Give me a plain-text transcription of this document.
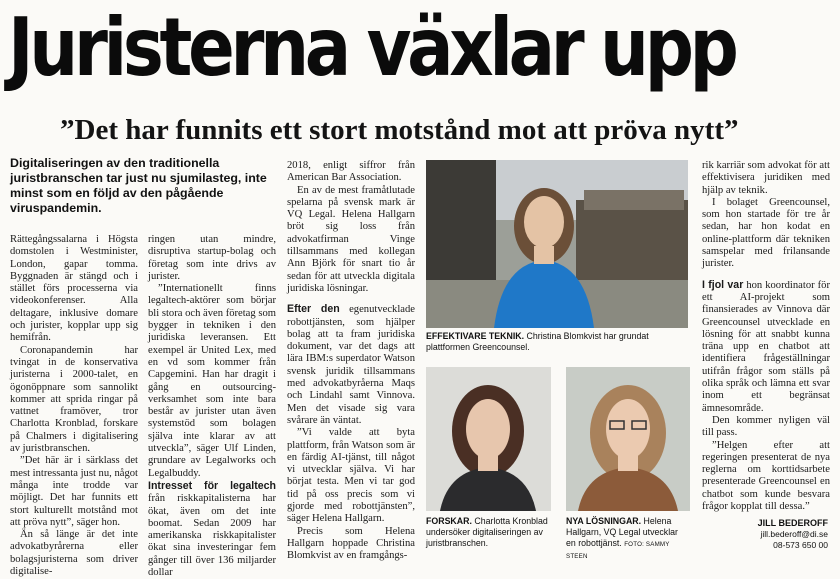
Juristerna växlar upp
”Det har funnits ett stort motstånd mot att pröva nytt”

Digitaliseringen av den traditionella juristbranschen tar just nu sjumilasteg, inte minst som en följd av den pågående viruspandemin.

Rättegångssalarna i Högsta domstolen i Westminister, London, gapar tomma. Byggnaden är stängd och i stället förs processerna via videokonferenser. Alla deltagare, inklusive domare och jurister, kopplar upp sig hemifrån.

Coronapandemin har tvingat in de konservativa juristerna i 2000-talet, en ögonöppnare som sannolikt kommer att sprida ringar på vattnet framöver, tror Charlotta Kronblad, forskare på Chalmers i digitalisering av juristbranschen.

”Det här är i särklass det mest intressanta just nu, något många inte trodde var möjligt. Det har funnits ett stort kulturellt motstånd mot att pröva nytt”, säger hon.

Än så länge är det inte advokatbyrårerna eller bolagsjuristerna som driver digitalise-

ringen utan mindre, disruptiva startup-bolag och företag som inte drivs av jurister.

”Internationellt finns legaltech-aktörer som börjar bli stora och även företag som bygger in tekniken i den juridiska leveransen. Ett exempel är United Lex, med en vd som kommer från Capgemini. Han har dragit i gång en outsourcing-verksamhet som inte bara består av jurister utan även systemstöd som bolagen själva inte klarar av att utveckla”, säger Ulf Linden, grundare av Legalworks och Legalbuddy.

Intresset för legaltech från riskkapitalisterna har ökat, även om det inte boomat. Sedan 2009 har amerikanska riskkapitalister ökat sina investeringar fem gånger till över 136 miljarder dollar

2018, enligt siffror från American Bar Association.

En av de mest framåtlutade spelarna på svensk mark är VQ Legal. Helena Hallgarn bröt sig loss från advokatfirman Vinge tillsammans med kollegan Ann Björk för snart tio år sedan för att utveckla digitala juridiska lösningar.

Efter den egenutvecklade robottjänsten, som hjälper bolag att ta fram juridiska dokument, var det dags att lära IBM:s superdator Watson svensk juridik tillsammans med advokatbyråerna Maqs och Lindahl samt Vinnova. Men det visade sig vara svårare än väntat.

”Vi valde att byta plattform, från Watson som är en färdig AI-tjänst, till något vi utvecklar själva. Vi har börjat testa. Men vi tar god tid på oss precis som vi gjorde med robottjänsten”, säger Helena Hallgarn.

Precis som Helena Hallgarn hoppade Christina Blomkvist av en framgångs-

EFFEKTIVARE TEKNIK. Christina Blomkvist har grundat plattformen Greencounsel.
FORSKAR. Charlotta Kronblad undersöker digitaliseringen av juristbranschen.
NYA LÖSNINGAR. Helena Hallgarn, VQ Legal utvecklar en robottjänst. FOTO: SAMMY STEEN

rik karriär som advokat för att effektivisera juridiken med hjälp av teknik.

I bolaget Greencounsel, som hon startade för tre år sedan, har hon kodat en online-plattform där tekniken samspelar med frilansande jurister.

I fjol var hon koordinator för ett AI-projekt som finansierades av Vinnova där Greencounsel utvecklade en lösning för att snabbt kunna träna upp en chatbot att identifiera frågeställningar utifrån frågor som ställs på olika språk och lämna ett svar inom ett begränsat ämnesområde.

Den kommer nyligen väl till pass.

”Helgen efter att regeringen presenterat de nya reglerna om korttidsarbete presenterade Greencounsel en chatbot som kunde besvara frågor kopplat till dessa.”

JILL BEDEROFF
jill.bederoff@di.se
08-573 650 00
